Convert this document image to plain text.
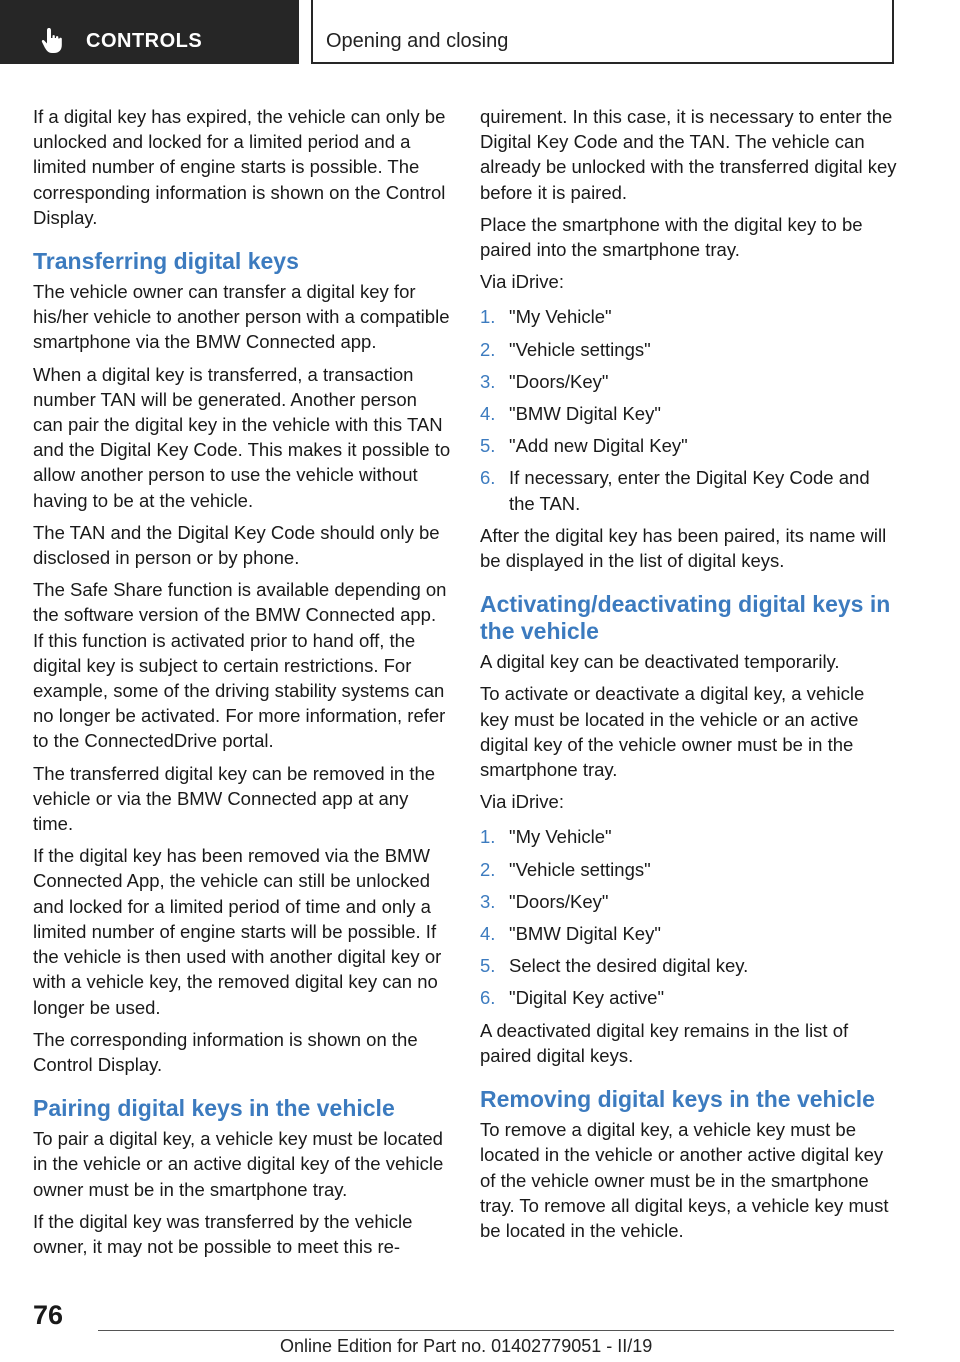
CONTROLS	Opening and closing

If a digital key has expired, the vehicle can only be unlocked and locked for a limited period and a limited number of engine starts is possible. The corresponding information is shown on the Control Display.

Transferring digital keys

The vehicle owner can transfer a digital key for his/her vehicle to another person with a compatible smartphone via the BMW Connected app.

When a digital key is transferred, a transaction number TAN will be generated. Another person can pair the digital key in the vehicle with this TAN and the Digital Key Code. This makes it possible to allow another person to use the vehicle without having to be at the vehicle.

The TAN and the Digital Key Code should only be disclosed in person or by phone.

The Safe Share function is available depending on the software version of the BMW Connected app. If this function is activated prior to hand off, the digital key is subject to certain restrictions. For example, some of the driving stability systems can no longer be activated. For more information, refer to the ConnectedDrive portal.

The transferred digital key can be removed in the vehicle or via the BMW Connected app at any time.

If the digital key has been removed via the BMW Connected App, the vehicle can still be unlocked and locked for a limited period of time and only a limited number of engine starts will be possible. If the vehicle is then used with another digital key or with a vehicle key, the removed digital key can no longer be used.

The corresponding information is shown on the Control Display.

Pairing digital keys in the vehicle

To pair a digital key, a vehicle key must be located in the vehicle or an active digital key of the vehicle owner must be in the smartphone tray.

If the digital key was transferred by the vehicle owner, it may not be possible to meet this re-

quirement. In this case, it is necessary to enter the Digital Key Code and the TAN. The vehicle can already be unlocked with the transferred digital key before it is paired.

Place the smartphone with the digital key to be paired into the smartphone tray.

Via iDrive:

1. "My Vehicle"
2. "Vehicle settings"
3. "Doors/Key"
4. "BMW Digital Key"
5. "Add new Digital Key"
6. If necessary, enter the Digital Key Code and the TAN.

After the digital key has been paired, its name will be displayed in the list of digital keys.

Activating/deactivating digital keys in the vehicle

A digital key can be deactivated temporarily.

To activate or deactivate a digital key, a vehicle key must be located in the vehicle or an active digital key of the vehicle owner must be in the smartphone tray.

Via iDrive:

1. "My Vehicle"
2. "Vehicle settings"
3. "Doors/Key"
4. "BMW Digital Key"
5. Select the desired digital key.
6. "Digital Key active"

A deactivated digital key remains in the list of paired digital keys.

Removing digital keys in the vehicle

To remove a digital key, a vehicle key must be located in the vehicle or another active digital key of the vehicle owner must be in the smartphone tray. To remove all digital keys, a vehicle key must be located in the vehicle.

76
Online Edition for Part no. 01402779051 - II/19
